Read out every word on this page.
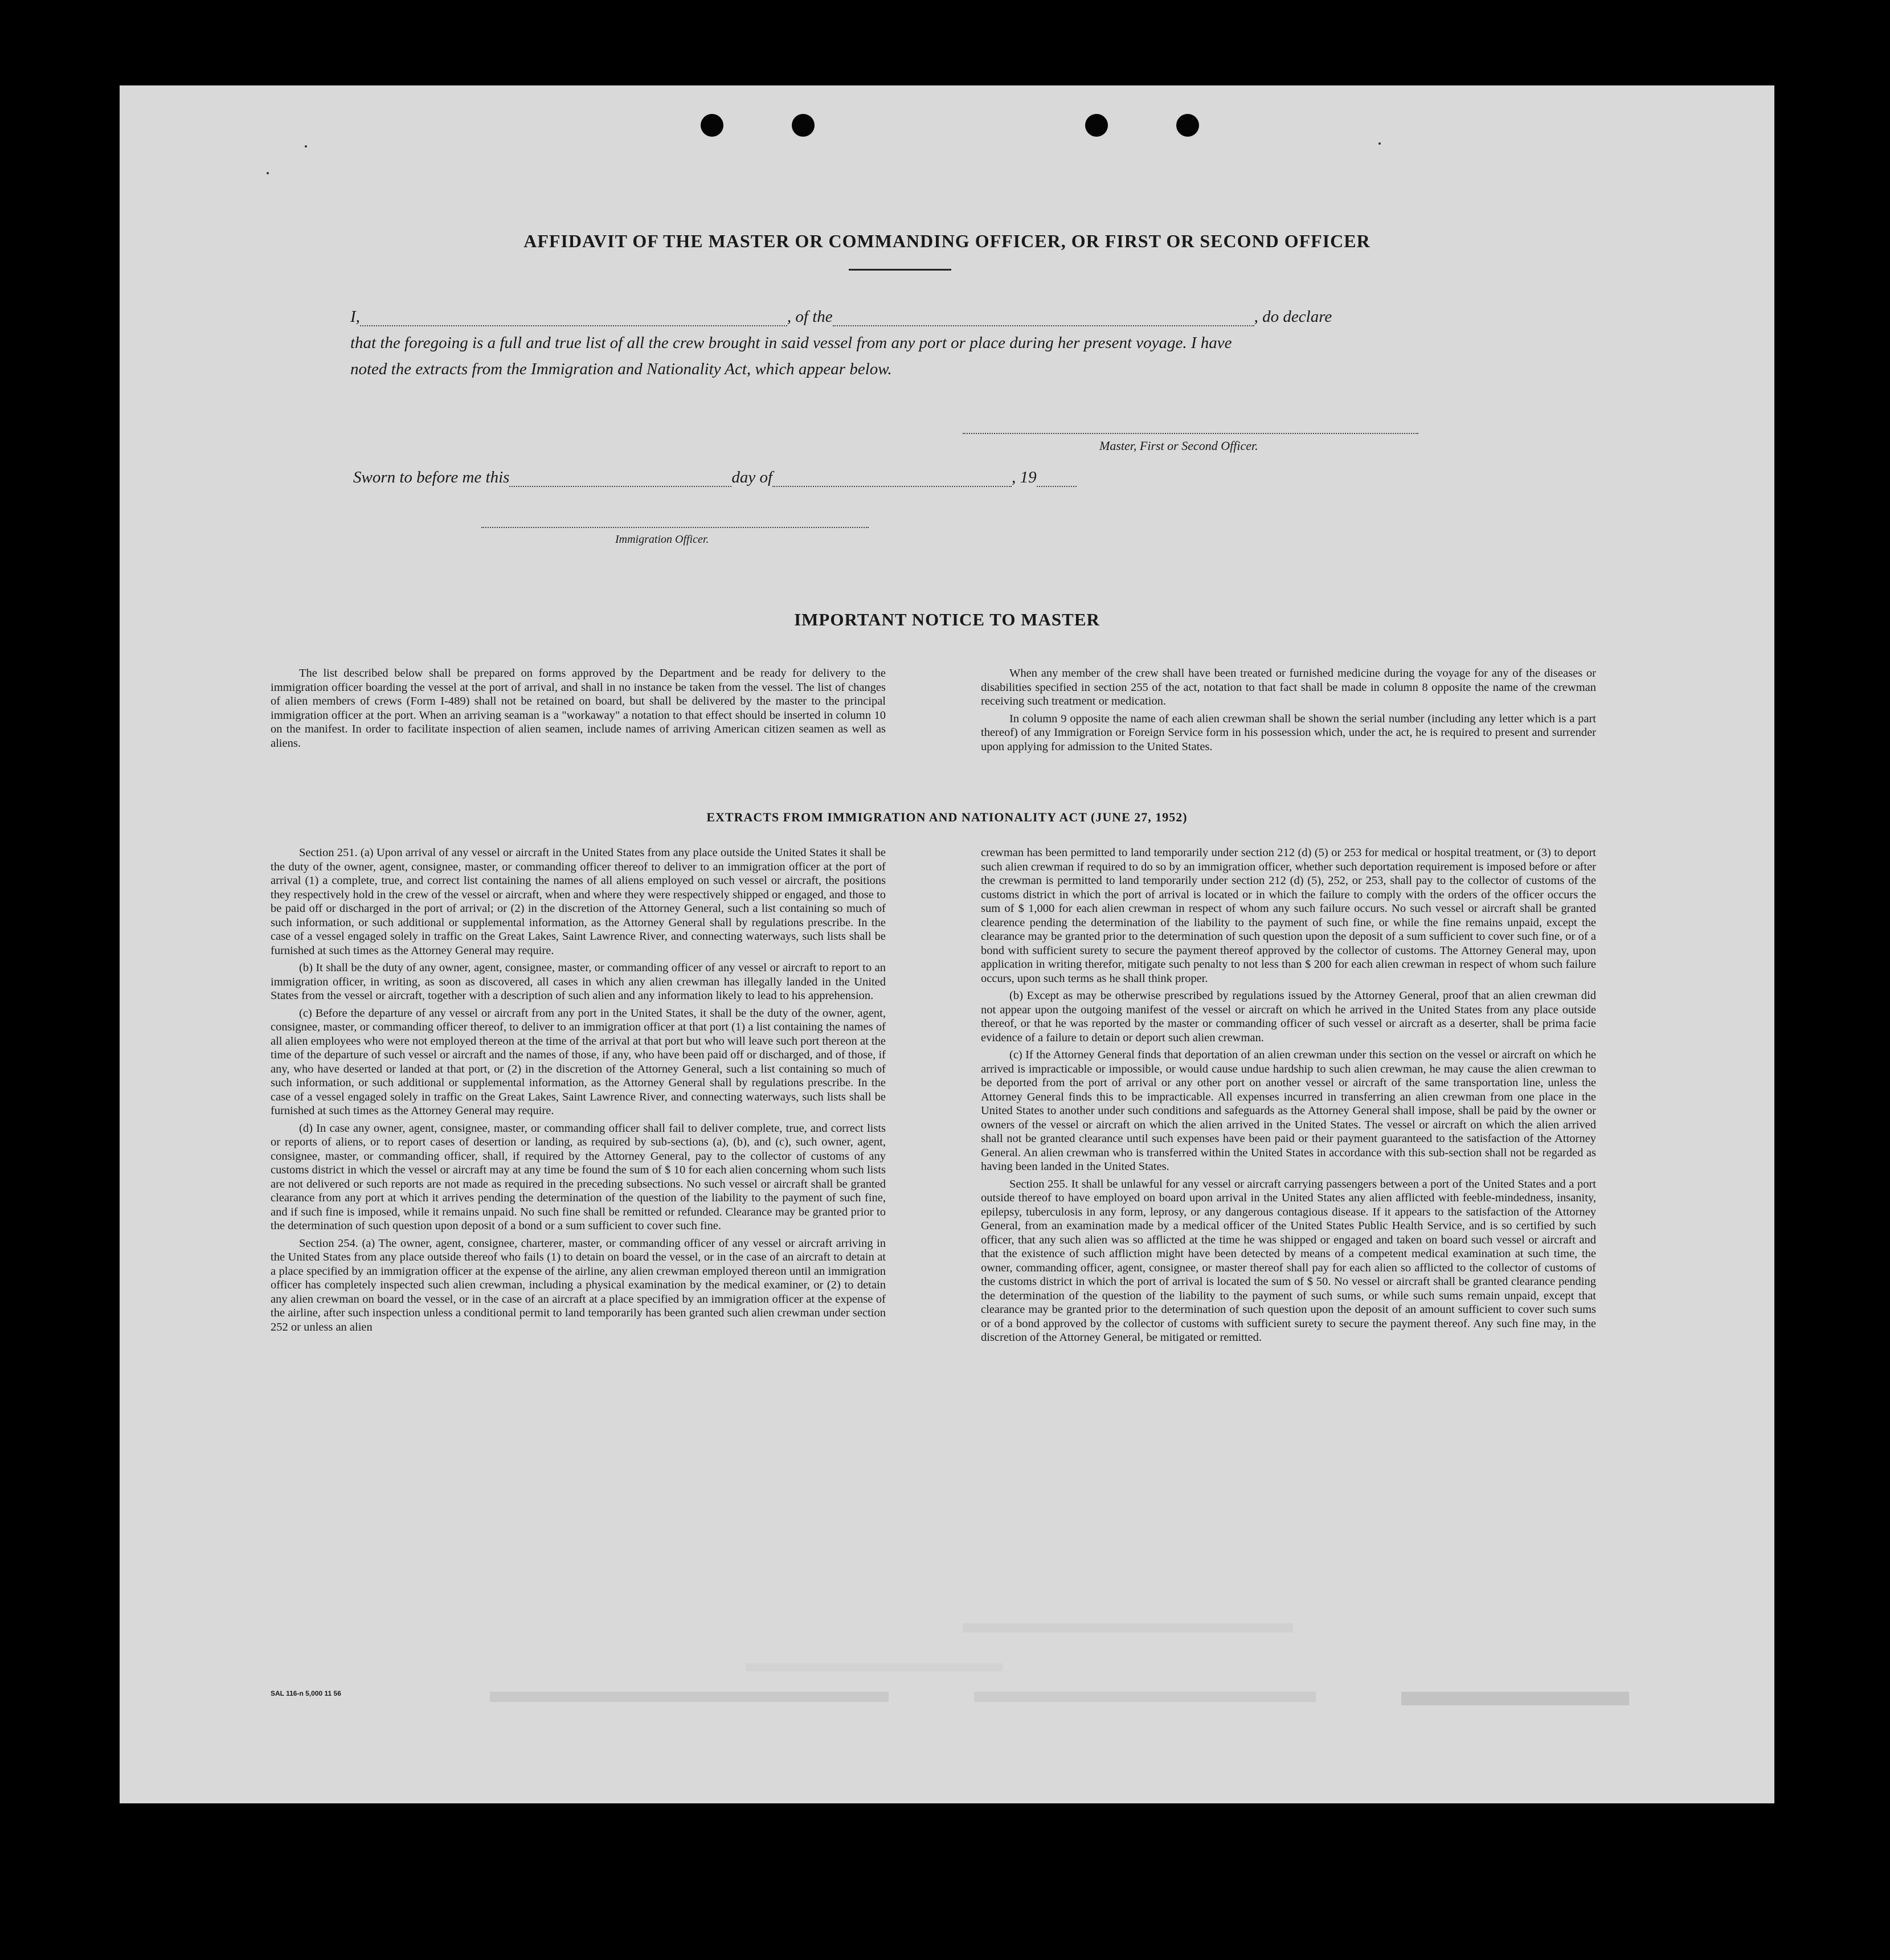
AFFIDAVIT OF THE MASTER OR COMMANDING OFFICER, OR FIRST OR SECOND OFFICER
I,	, of the	, do declare
that the foregoing is a full and true list of all the crew brought in said vessel from any port or place during her present voyage. I have
noted the extracts from the Immigration and Nationality Act, which appear below.
Master, First or Second Officer.
Sworn to before me this	day of	, 19
Immigration Officer.
IMPORTANT NOTICE TO MASTER

The list described below shall be prepared on forms approved by the Department and be ready for delivery to the immigration officer boarding the vessel at the port of arrival, and shall in no instance be taken from the vessel. The list of changes of alien members of crews (Form I-489) shall not be retained on board, but shall be delivered by the master to the principal immigration officer at the port. When an arriving seaman is a "workaway" a notation to that effect should be inserted in column 10 on the manifest. In order to facilitate inspection of alien seamen, include names of arriving American citizen seamen as well as aliens.

When any member of the crew shall have been treated or furnished medicine during the voyage for any of the diseases or disabilities specified in section 255 of the act, notation to that fact shall be made in column 8 opposite the name of the crewman receiving such treatment or medication.

In column 9 opposite the name of each alien crewman shall be shown the serial number (including any letter which is a part thereof) of any Immigration or Foreign Service form in his possession which, under the act, he is required to present and surrender upon applying for admission to the United States.

EXTRACTS FROM IMMIGRATION AND NATIONALITY ACT (JUNE 27, 1952)

Section 251. (a) Upon arrival of any vessel or aircraft in the United States from any place outside the United States it shall be the duty of the owner, agent, consignee, master, or commanding officer thereof to deliver to an immigration officer at the port of arrival (1) a complete, true, and correct list containing the names of all aliens employed on such vessel or aircraft, the positions they respectively hold in the crew of the vessel or aircraft, when and where they were respectively shipped or engaged, and those to be paid off or discharged in the port of arrival; or (2) in the discretion of the Attorney General, such a list containing so much of such information, or such additional or supplemental information, as the Attorney General shall by regulations prescribe. In the case of a vessel engaged solely in traffic on the Great Lakes, Saint Lawrence River, and connecting waterways, such lists shall be furnished at such times as the Attorney General may require.

(b) It shall be the duty of any owner, agent, consignee, master, or commanding officer of any vessel or aircraft to report to an immigration officer, in writing, as soon as discovered, all cases in which any alien crewman has illegally landed in the United States from the vessel or aircraft, together with a description of such alien and any information likely to lead to his apprehension.

(c) Before the departure of any vessel or aircraft from any port in the United States, it shall be the duty of the owner, agent, consignee, master, or commanding officer thereof, to deliver to an immigration officer at that port (1) a list containing the names of all alien employees who were not employed thereon at the time of the arrival at that port but who will leave such port thereon at the time of the departure of such vessel or aircraft and the names of those, if any, who have been paid off or discharged, and of those, if any, who have deserted or landed at that port, or (2) in the discretion of the Attorney General, such a list containing so much of such information, or such additional or supplemental information, as the Attorney General shall by regulations prescribe. In the case of a vessel engaged solely in traffic on the Great Lakes, Saint Lawrence River, and connecting waterways, such lists shall be furnished at such times as the Attorney General may require.

(d) In case any owner, agent, consignee, master, or commanding officer shall fail to deliver complete, true, and correct lists or reports of aliens, or to report cases of desertion or landing, as required by sub-sections (a), (b), and (c), such owner, agent, consignee, master, or commanding officer, shall, if required by the Attorney General, pay to the collector of customs of any customs district in which the vessel or aircraft may at any time be found the sum of $ 10 for each alien concerning whom such lists are not delivered or such reports are not made as required in the preceding subsections. No such vessel or aircraft shall be granted clearance from any port at which it arrives pending the determination of the question of the liability to the payment of such fine, and if such fine is imposed, while it remains unpaid. No such fine shall be remitted or refunded. Clearance may be granted prior to the determination of such question upon deposit of a bond or a sum sufficient to cover such fine.

Section 254. (a) The owner, agent, consignee, charterer, master, or commanding officer of any vessel or aircraft arriving in the United States from any place outside thereof who fails (1) to detain on board the vessel, or in the case of an aircraft to detain at a place specified by an immigration officer at the expense of the airline, any alien crewman employed thereon until an immigration officer has completely inspected such alien crewman, including a physical examination by the medical examiner, or (2) to detain any alien crewman on board the vessel, or in the case of an aircraft at a place specified by an immigration officer at the expense of the airline, after such inspection unless a conditional permit to land temporarily has been granted such alien crewman under section 252 or unless an alien

crewman has been permitted to land temporarily under section 212 (d) (5) or 253 for medical or hospital treatment, or (3) to deport such alien crewman if required to do so by an immigration officer, whether such deportation requirement is imposed before or after the crewman is permitted to land temporarily under section 212 (d) (5), 252, or 253, shall pay to the collector of customs of the customs district in which the port of arrival is located or in which the failure to comply with the orders of the officer occurs the sum of $ 1,000 for each alien crewman in respect of whom any such failure occurs. No such vessel or aircraft shall be granted clearence pending the determination of the liability to the payment of such fine, or while the fine remains unpaid, except the clearance may be granted prior to the determination of such question upon the deposit of a sum sufficient to cover such fine, or of a bond with sufficient surety to secure the payment thereof approved by the collector of customs. The Attorney General may, upon application in writing therefor, mitigate such penalty to not less than $ 200 for each alien crewman in respect of whom such failure occurs, upon such terms as he shall think proper.

(b) Except as may be otherwise prescribed by regulations issued by the Attorney General, proof that an alien crewman did not appear upon the outgoing manifest of the vessel or aircraft on which he arrived in the United States from any place outside thereof, or that he was reported by the master or commanding officer of such vessel or aircraft as a deserter, shall be prima facie evidence of a failure to detain or deport such alien crewman.

(c) If the Attorney General finds that deportation of an alien crewman under this section on the vessel or aircraft on which he arrived is impracticable or impossible, or would cause undue hardship to such alien crewman, he may cause the alien crewman to be deported from the port of arrival or any other port on another vessel or aircraft of the same transportation line, unless the Attorney General finds this to be impracticable. All expenses incurred in transferring an alien crewman from one place in the United States to another under such conditions and safeguards as the Attorney General shall impose, shall be paid by the owner or owners of the vessel or aircraft on which the alien arrived in the United States. The vessel or aircraft on which the alien arrived shall not be granted clearance until such expenses have been paid or their payment guaranteed to the satisfaction of the Attorney General. An alien crewman who is transferred within the United States in accordance with this sub-section shall not be regarded as having been landed in the United States.

Section 255. It shall be unlawful for any vessel or aircraft carrying passengers between a port of the United States and a port outside thereof to have employed on board upon arrival in the United States any alien afflicted with feeble-mindedness, insanity, epilepsy, tuberculosis in any form, leprosy, or any dangerous contagious disease. If it appears to the satisfaction of the Attorney General, from an examination made by a medical officer of the United States Public Health Service, and is so certified by such officer, that any such alien was so afflicted at the time he was shipped or engaged and taken on board such vessel or aircraft and that the existence of such affliction might have been detected by means of a competent medical examination at such time, the owner, commanding officer, agent, consignee, or master thereof shall pay for each alien so afflicted to the collector of customs of the customs district in which the port of arrival is located the sum of $ 50. No vessel or aircraft shall be granted clearance pending the determination of the question of the liability to the payment of such sums, or while such sums remain unpaid, except that clearance may be granted prior to the determination of such question upon the deposit of an amount sufficient to cover such sums or of a bond approved by the collector of customs with sufficient surety to secure the payment thereof. Any such fine may, in the discretion of the Attorney General, be mitigated or remitted.

SAL 116-n 5,000 11 56
